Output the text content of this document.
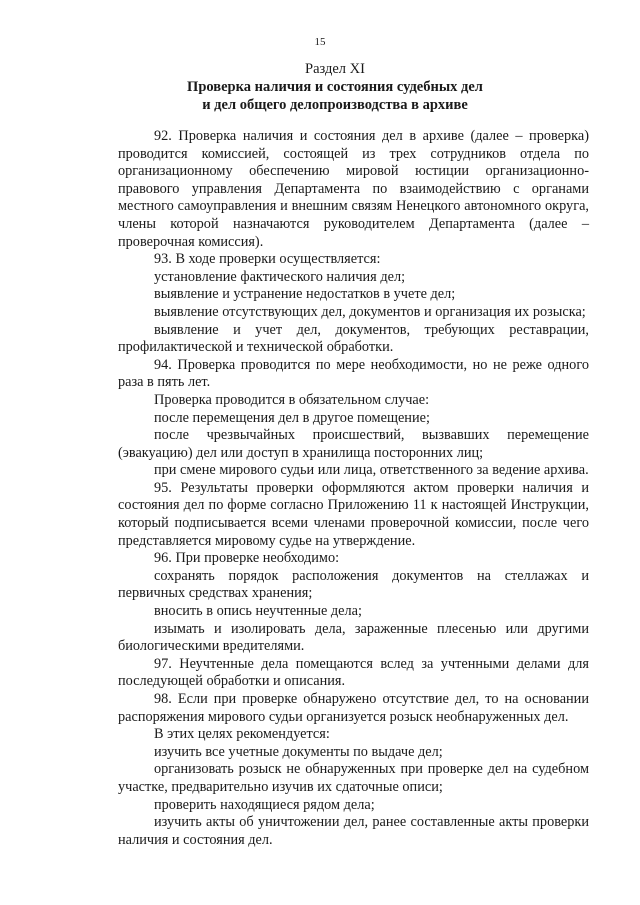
15
Раздел XI
Проверка наличия и состояния судебных дел
и дел общего делопроизводства в архиве

92. Проверка наличия и состояния дел в архиве (далее – проверка) проводится комиссией, состоящей из трех сотрудников отдела по организационному обеспечению мировой юстиции организационно-правового управления Департамента по взаимодействию с органами местного самоуправления и внешним связям Ненецкого автономного округа, члены которой назначаются руководителем Департамента (далее – проверочная комиссия).

93. В ходе проверки осуществляется:

установление фактического наличия дел;

выявление и устранение недостатков в учете дел;

выявление отсутствующих дел, документов и организация их розыска;

выявление и учет дел, документов, требующих реставрации, профилактической и технической обработки.

94. Проверка проводится по мере необходимости, но не реже одного раза в пять лет.

Проверка проводится в обязательном случае:

после перемещения дел в другое помещение;

после чрезвычайных происшествий, вызвавших перемещение (эвакуацию) дел или доступ в хранилища посторонних лиц;

при смене мирового судьи или лица, ответственного за ведение архива.

95. Результаты проверки оформляются актом проверки наличия и состояния дел по форме согласно Приложению 11 к настоящей Инструкции, который подписывается всеми членами проверочной комиссии, после чего представляется мировому судье на утверждение.

96. При проверке необходимо:

сохранять порядок расположения документов на стеллажах и первичных средствах хранения;

вносить в опись неучтенные дела;

изымать и изолировать дела, зараженные плесенью или другими биологическими вредителями.

97. Неучтенные дела помещаются вслед за учтенными делами для последующей обработки и описания.

98. Если при проверке обнаружено отсутствие дел, то на основании распоряжения мирового судьи организуется розыск необнаруженных дел.

В этих целях рекомендуется:

изучить все учетные документы по выдаче дел;

организовать розыск не обнаруженных при проверке дел на судебном участке, предварительно изучив их сдаточные описи;

проверить находящиеся рядом дела;

изучить акты об уничтожении дел, ранее составленные акты проверки наличия и состояния дел.
